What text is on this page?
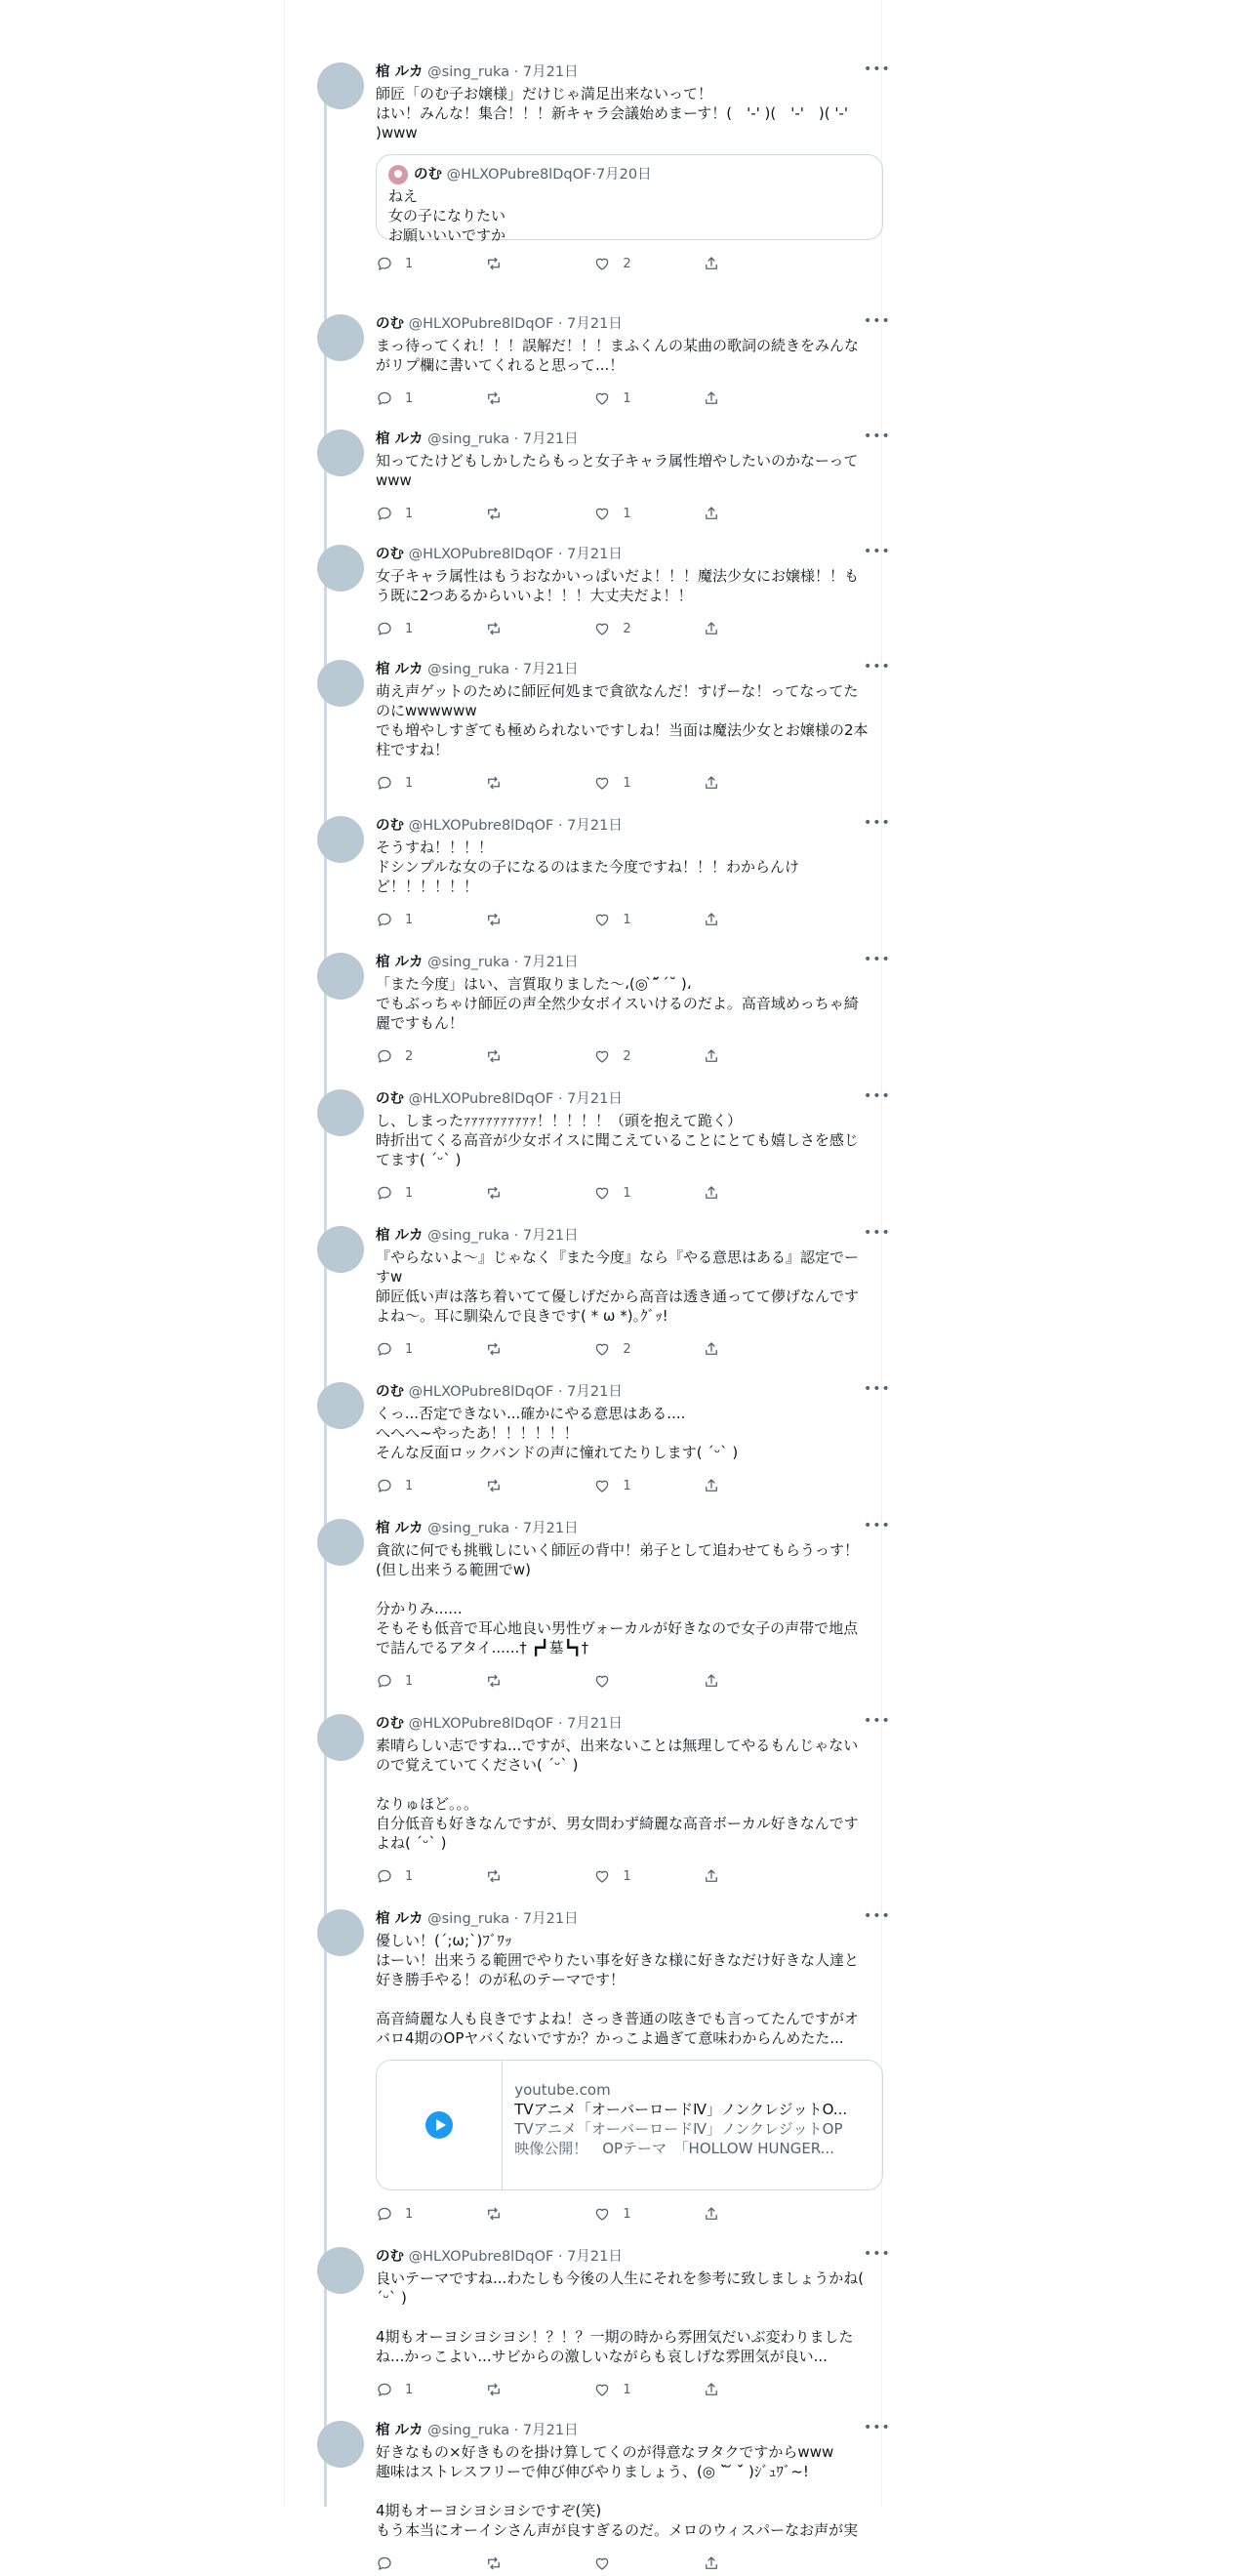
棺 ルカ @sing_ruka · 7月21日	•••
師匠「のむ子お嬢様」だけじゃ満足出来ないって！
はい！みんな！集合！！！新キャラ会議始めまーす！(　'-' )(　'-'　)( '-'
)www
のむ
@HLXOPubre8lDqOF · 7月20日
ねえ
女の子になりたい
お願いいいですか
1	2
のむ @HLXOPubre8lDqOF · 7月21日	•••
まっ待ってくれ！！！誤解だ！！！まふくんの某曲の歌詞の続きをみんな
がリプ欄に書いてくれると思って...！
1	1
棺 ルカ @sing_ruka · 7月21日	•••
知ってたけどもしかしたらもっと女子キャラ属性増やしたいのかなーって
www
1	1
のむ @HLXOPubre8lDqOF · 7月21日	•••
女子キャラ属性はもうおなかいっぱいだよ！！！魔法少女にお嬢様！！も
う既に2つあるからいいよ！！！大丈夫だよ！！
1	2
棺 ルカ @sing_ruka · 7月21日	•••
萌え声ゲットのために師匠何処まで貪欲なんだ！すげーな！ってなってた
のにwwwwww
でも増やしすぎても極められないですしね！当面は魔法少女とお嬢様の2本
柱ですね！
1	1
のむ @HLXOPubre8lDqOF · 7月21日	•••
そうすね！！！！
ドシンプルな女の子になるのはまた今度ですね！！！わからんけ
ど！！！！！！
1	1
棺 ルカ @sing_ruka · 7月21日	•••
「また今度」はい、言質取りました〜،(◎ ˘̀ ᷄ ˘́ )،
でもぶっちゃけ師匠の声全然少女ボイスいけるのだよ。高音域めっちゃ綺
麗ですもん！
2	2
のむ @HLXOPubre8lDqOF · 7月21日	•••
し、しまったｧｧｧｧｧｧｧｧｧｧ！！！！！（頭を抱えて跪く）
時折出てくる高音が少女ボイスに聞こえていることにとても嬉しさを感じ
てます( ˊᵕˋ )
1	1
棺 ルカ @sing_ruka · 7月21日	•••
『やらないよ〜』じゃなく『また今度』なら『やる意思はある』認定でー
すw
師匠低い声は落ち着いてて優しげだから高音は透き通ってて儚げなんです
よね〜。耳に馴染んで良きです( * ω *)｡ｸﾞｯ!
1	2
のむ @HLXOPubre8lDqOF · 7月21日	•••
くっ...否定できない...確かにやる意思はある....
へへへ~やったあ！！！！！！
そんな反面ロックバンドの声に憧れてたりします( ˊᵕˋ )
1	1
棺 ルカ @sing_ruka · 7月21日	•••
貪欲に何でも挑戦しにいく師匠の背中！弟子として追わせてもらうっす！
(但し出来うる範囲でw)

分かりみ......
そもそも低音で耳心地良い男性ヴォーカルが好きなので女子の声帯で地点
で詰んでるアタイ......† ┏┛墓┗┓†
1
のむ @HLXOPubre8lDqOF · 7月21日	•••
素晴らしい志ですね...ですが、出来ないことは無理してやるもんじゃない
ので覚えていてください( ˊᵕˋ )

なりゅほど。。。
自分低音も好きなんですが、男女問わず綺麗な高音ボーカル好きなんです
よね( ˊᵕˋ )
1	1
棺 ルカ @sing_ruka · 7月21日	•••
優しい！(´;ω;`)ﾌﾞﾜｯ
はーい！出来うる範囲でやりたい事を好きな様に好きなだけ好きな人達と
好き勝手やる！のが私のテーマです！

高音綺麗な人も良きですよね！さっき普通の呟きでも言ってたんですがオ
バロ4期のOPヤバくないですか？かっこよ過ぎて意味わからんめたた...
youtube.com
TVアニメ「オーバーロードⅣ」ノンクレジットO...
TVアニメ「オーバーロードⅣ」ノンクレジットOP
映像公開！　OPテーマ　「HOLLOW HUNGER...
1	1
のむ @HLXOPubre8lDqOF · 7月21日	•••
良いテーマですね...わたしも今後の人生にそれを参考に致しましょうかね(
ˊᵕˋ )

4期もオーヨシヨシヨシ！？！？一期の時から雰囲気だいぶ変わりました
ね...かっこよい...サビからの激しいながらも哀しげな雰囲気が良い...
1	1
棺 ルカ @sing_ruka · 7月21日	•••
好きなもの×好きものを掛け算してくのが得意なヲタクですからwww
趣味はストレスフリーで伸び伸びやりましょう、(◎ ˘̀ ᷄ ˘́ )ｼﾞｭﾜﾞ~!

4期もオーヨシヨシヨシですぞ(笑)
もう本当にオーイシさん声が良すぎるのだ。メロのウィスパーなお声が実
